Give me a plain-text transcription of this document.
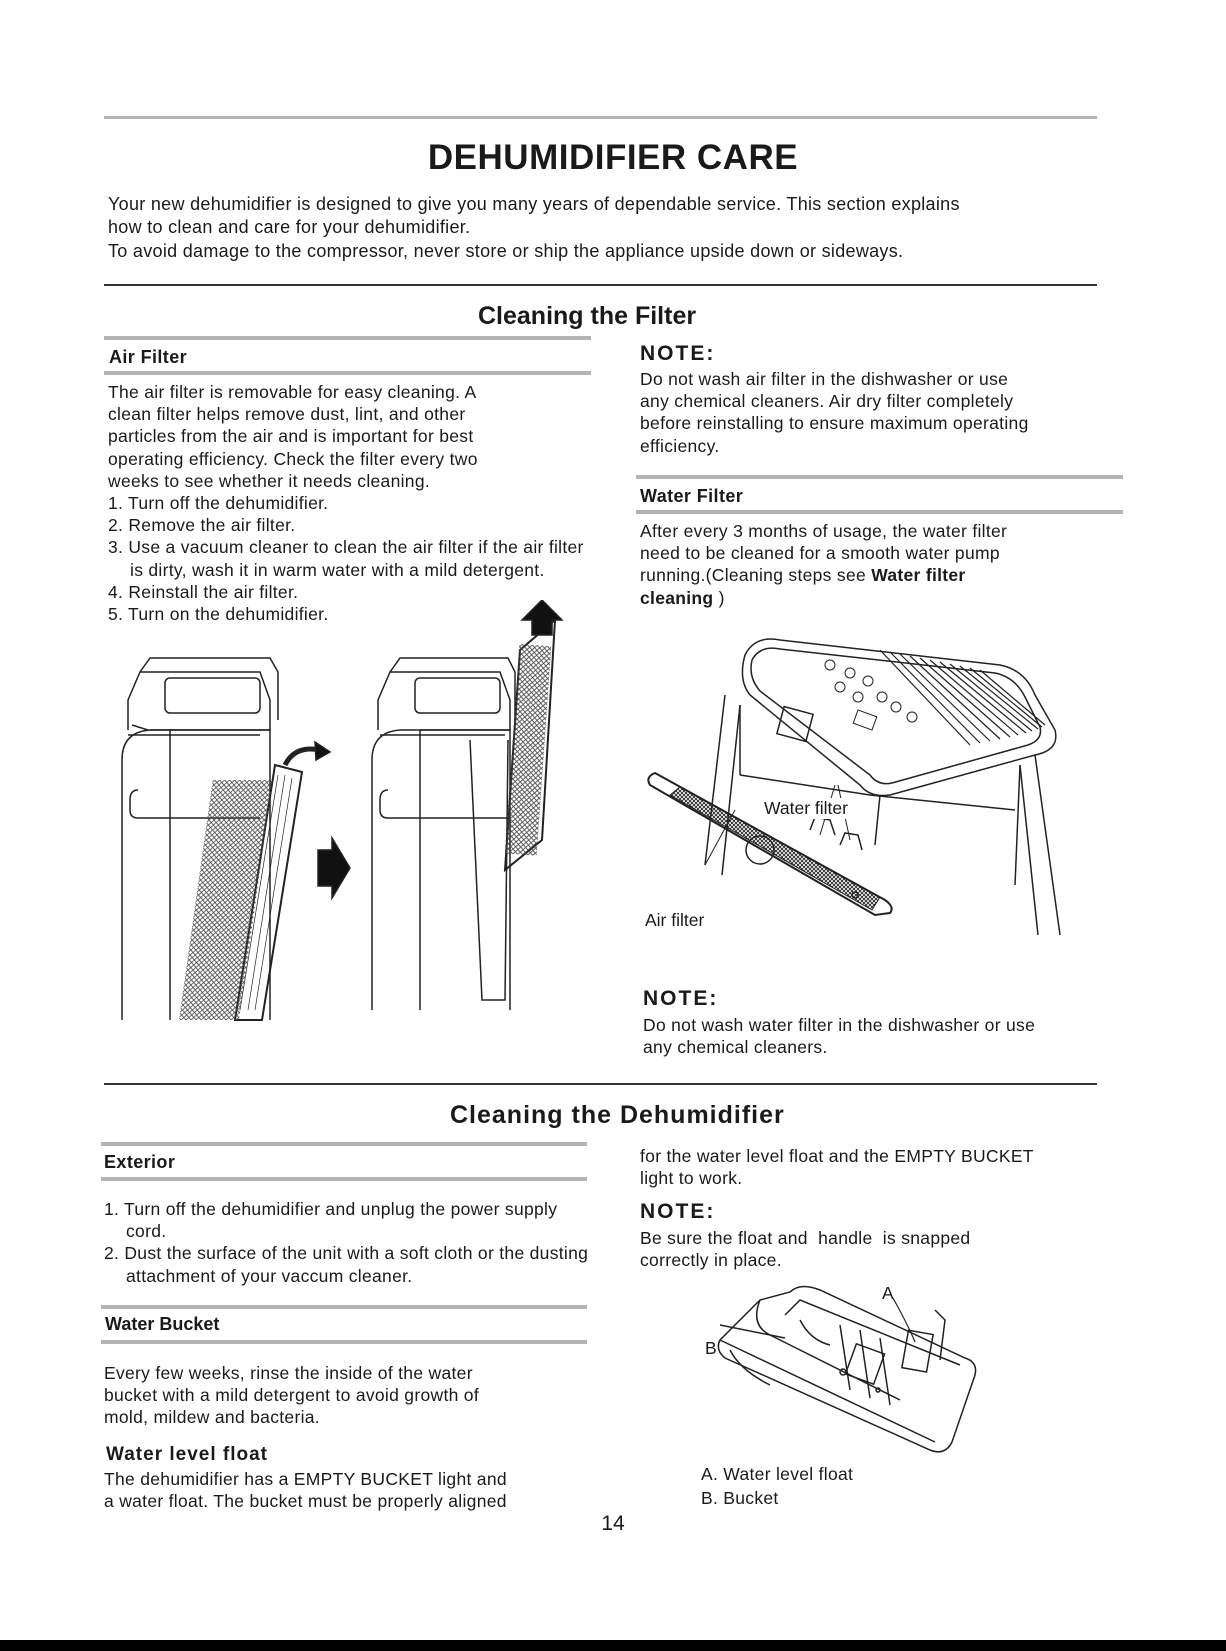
DEHUMIDIFIER CARE
Your new dehumidifier is designed to give you many years of dependable service. This section explains
how to clean and care for your dehumidifier.
To avoid damage to the compressor, never store or ship the appliance upside down or sideways.
Cleaning the Filter
Air Filter
The air filter is removable for easy cleaning. A
clean filter helps remove dust, lint, and other
particles from the air and is important for best
operating efficiency. Check the filter every two
weeks to see whether it needs cleaning.
1. Turn off the dehumidifier.
2. Remove the air filter.
3. Use a vacuum cleaner to clean the air filter if the air filter is dirty, wash it in warm water with a mild detergent.
4. Reinstall the air filter.
5. Turn on the dehumidifier.
NOTE:
Do not wash air filter in the dishwasher or use
any chemical cleaners. Air dry filter completely
before reinstalling to ensure maximum operating
efficiency.
Water Filter
After every 3 months of usage, the water filter
need to be cleaned for a smooth water pump
running.(Cleaning steps see Water filter
cleaning )
Water filter
Air filter
NOTE:
Do not wash water filter in the dishwasher or use
any chemical cleaners.
Cleaning the Dehumidifier
Exterior
1. Turn off the dehumidifier and unplug the power supply cord.
2. Dust the surface of the unit with a soft cloth or the dusting attachment of your vaccum cleaner.
Water Bucket
Every few weeks, rinse the inside of the water
bucket with a mild detergent to avoid growth of
mold, mildew and bacteria.
Water level float
The dehumidifier has a EMPTY BUCKET light and
a water float. The bucket must be properly aligned
for the water level float and the EMPTY BUCKET
light to work.
NOTE:
Be sure the float and  handle  is snapped
correctly in place.
A
B
A. Water level float
B. Bucket
14
